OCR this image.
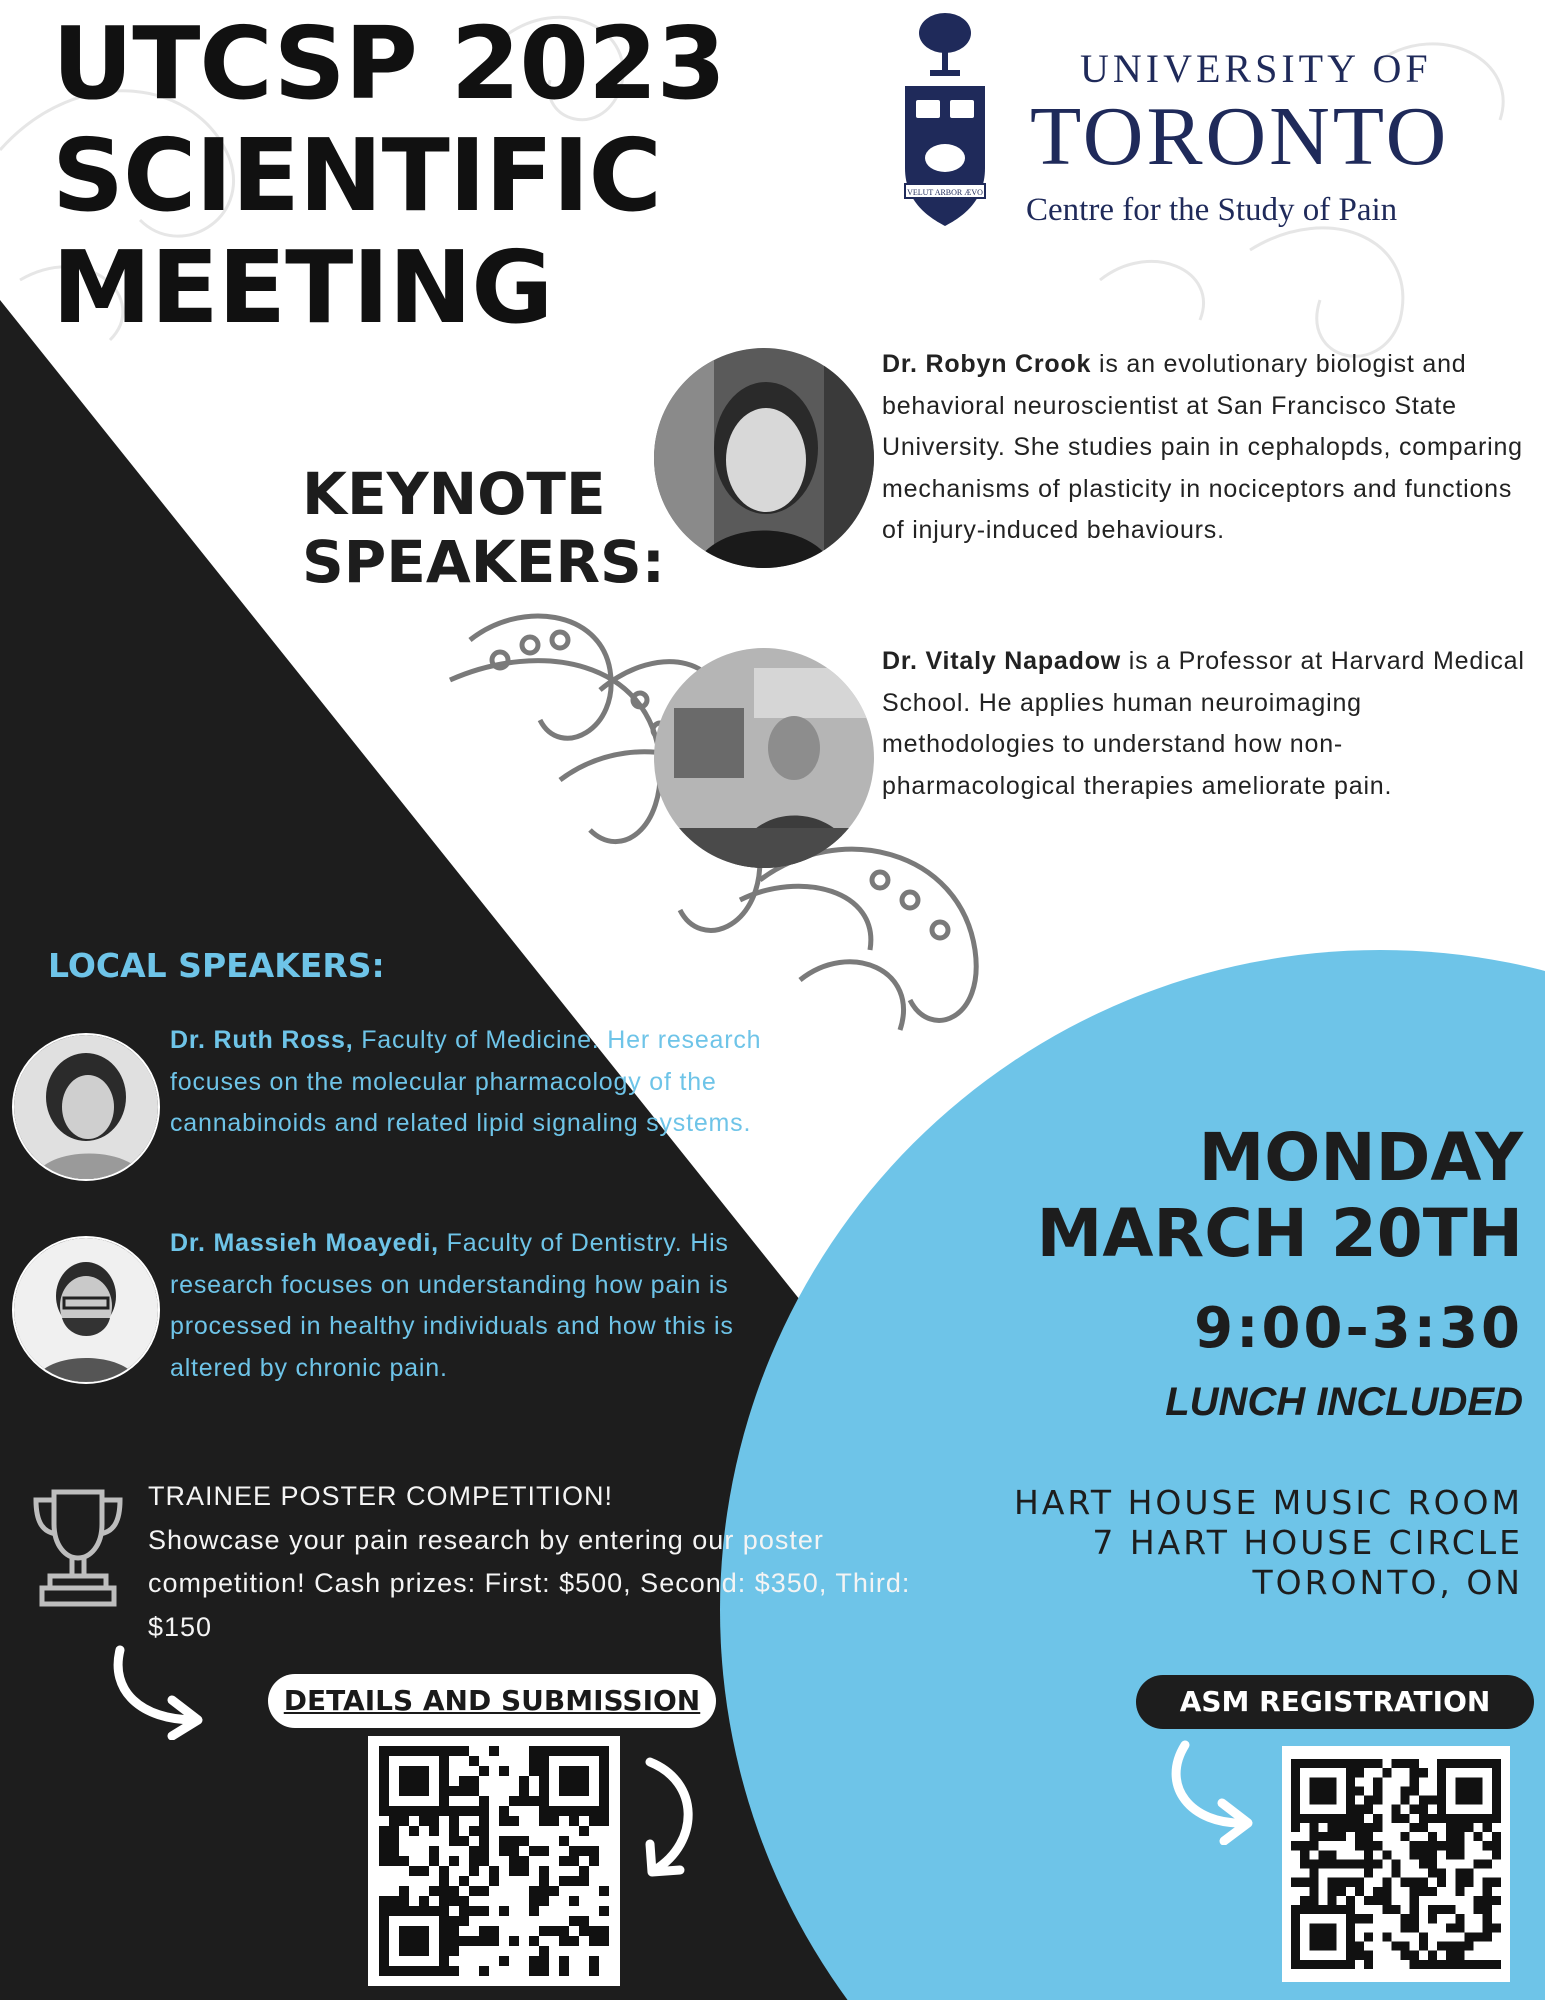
UTCSP 2023
SCIENTIFIC
MEETING
VELUT ARBOR ÆVO
UNIVERSITY OF
TORONTO
Centre for the Study of Pain
KEYNOTE
SPEAKERS:
Dr. Robyn Crook is an evolutionary biologist and behavioral neuroscientist at San Francisco State University. She studies pain in cephalopds, comparing mechanisms of plasticity in nociceptors and functions of injury-induced behaviours.
Dr. Vitaly Napadow is a Professor at Harvard Medical School. He applies human neuroimaging methodologies to understand how non-pharmacological therapies ameliorate pain.
LOCAL SPEAKERS:
Dr. Ruth Ross, Faculty of Medicine. Her research focuses on the molecular pharmacology of the cannabinoids and related lipid signaling systems.
Dr. Massieh Moayedi, Faculty of Dentistry. His research focuses on understanding how pain is processed in healthy individuals and how this is altered by chronic pain.
TRAINEE POSTER COMPETITION!
Showcase your pain research by entering our poster competition! Cash prizes: First: $500, Second: $350, Third: $150
DETAILS AND SUBMISSION	ASM REGISTRATION
MONDAY
MARCH 20TH
9:00-3:30
LUNCH INCLUDED
HART HOUSE MUSIC ROOM
7 HART HOUSE CIRCLE
TORONTO, ON
